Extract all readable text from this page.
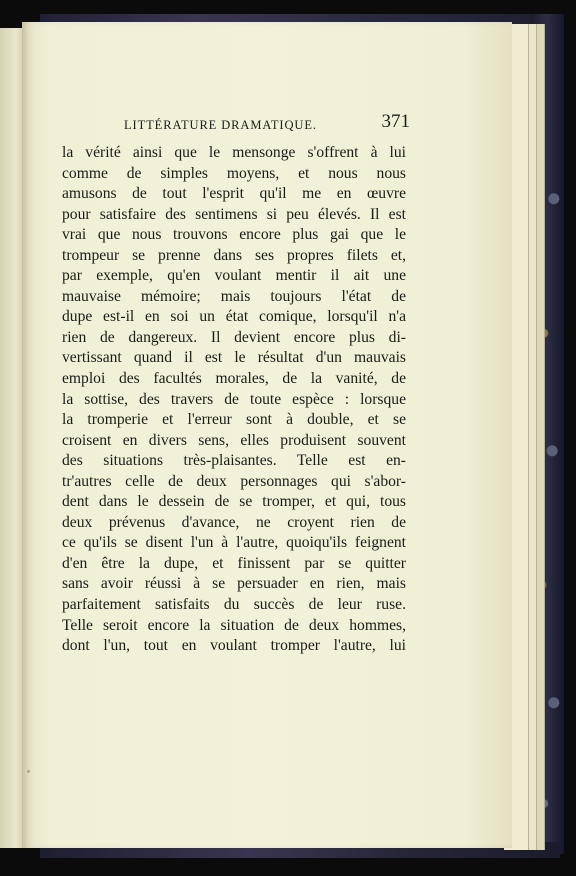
LITTÉRATURE DRAMATIQUE.	371
la vérité ainsi que le mensonge s'offrent à lui
comme de simples moyens, et nous nous
amusons de tout l'esprit qu'il me en œuvre
pour satisfaire des sentimens si peu élevés. Il est
vrai que nous trouvons encore plus gai que le
trompeur se prenne dans ses propres filets et,
par exemple, qu'en voulant mentir il ait une
mauvaise mémoire; mais toujours l'état de
dupe est-il en soi un état comique, lorsqu'il n'a
rien de dangereux. Il devient encore plus di-
vertissant quand il est le résultat d'un mauvais
emploi des facultés morales, de la vanité, de
la sottise, des travers de toute espèce : lorsque
la tromperie et l'erreur sont à double, et se
croisent en divers sens, elles produisent souvent
des situations très-plaisantes. Telle est en-
tr'autres celle de deux personnages qui s'abor-
dent dans le dessein de se tromper, et qui, tous
deux prévenus d'avance, ne croyent rien de
ce qu'ils se disent l'un à l'autre, quoiqu'ils feignent
d'en être la dupe, et finissent par se quitter
sans avoir réussi à se persuader en rien, mais
parfaitement satisfaits du succès de leur ruse.
Telle seroit encore la situation de deux hommes,
dont l'un, tout en voulant tromper l'autre, lui
